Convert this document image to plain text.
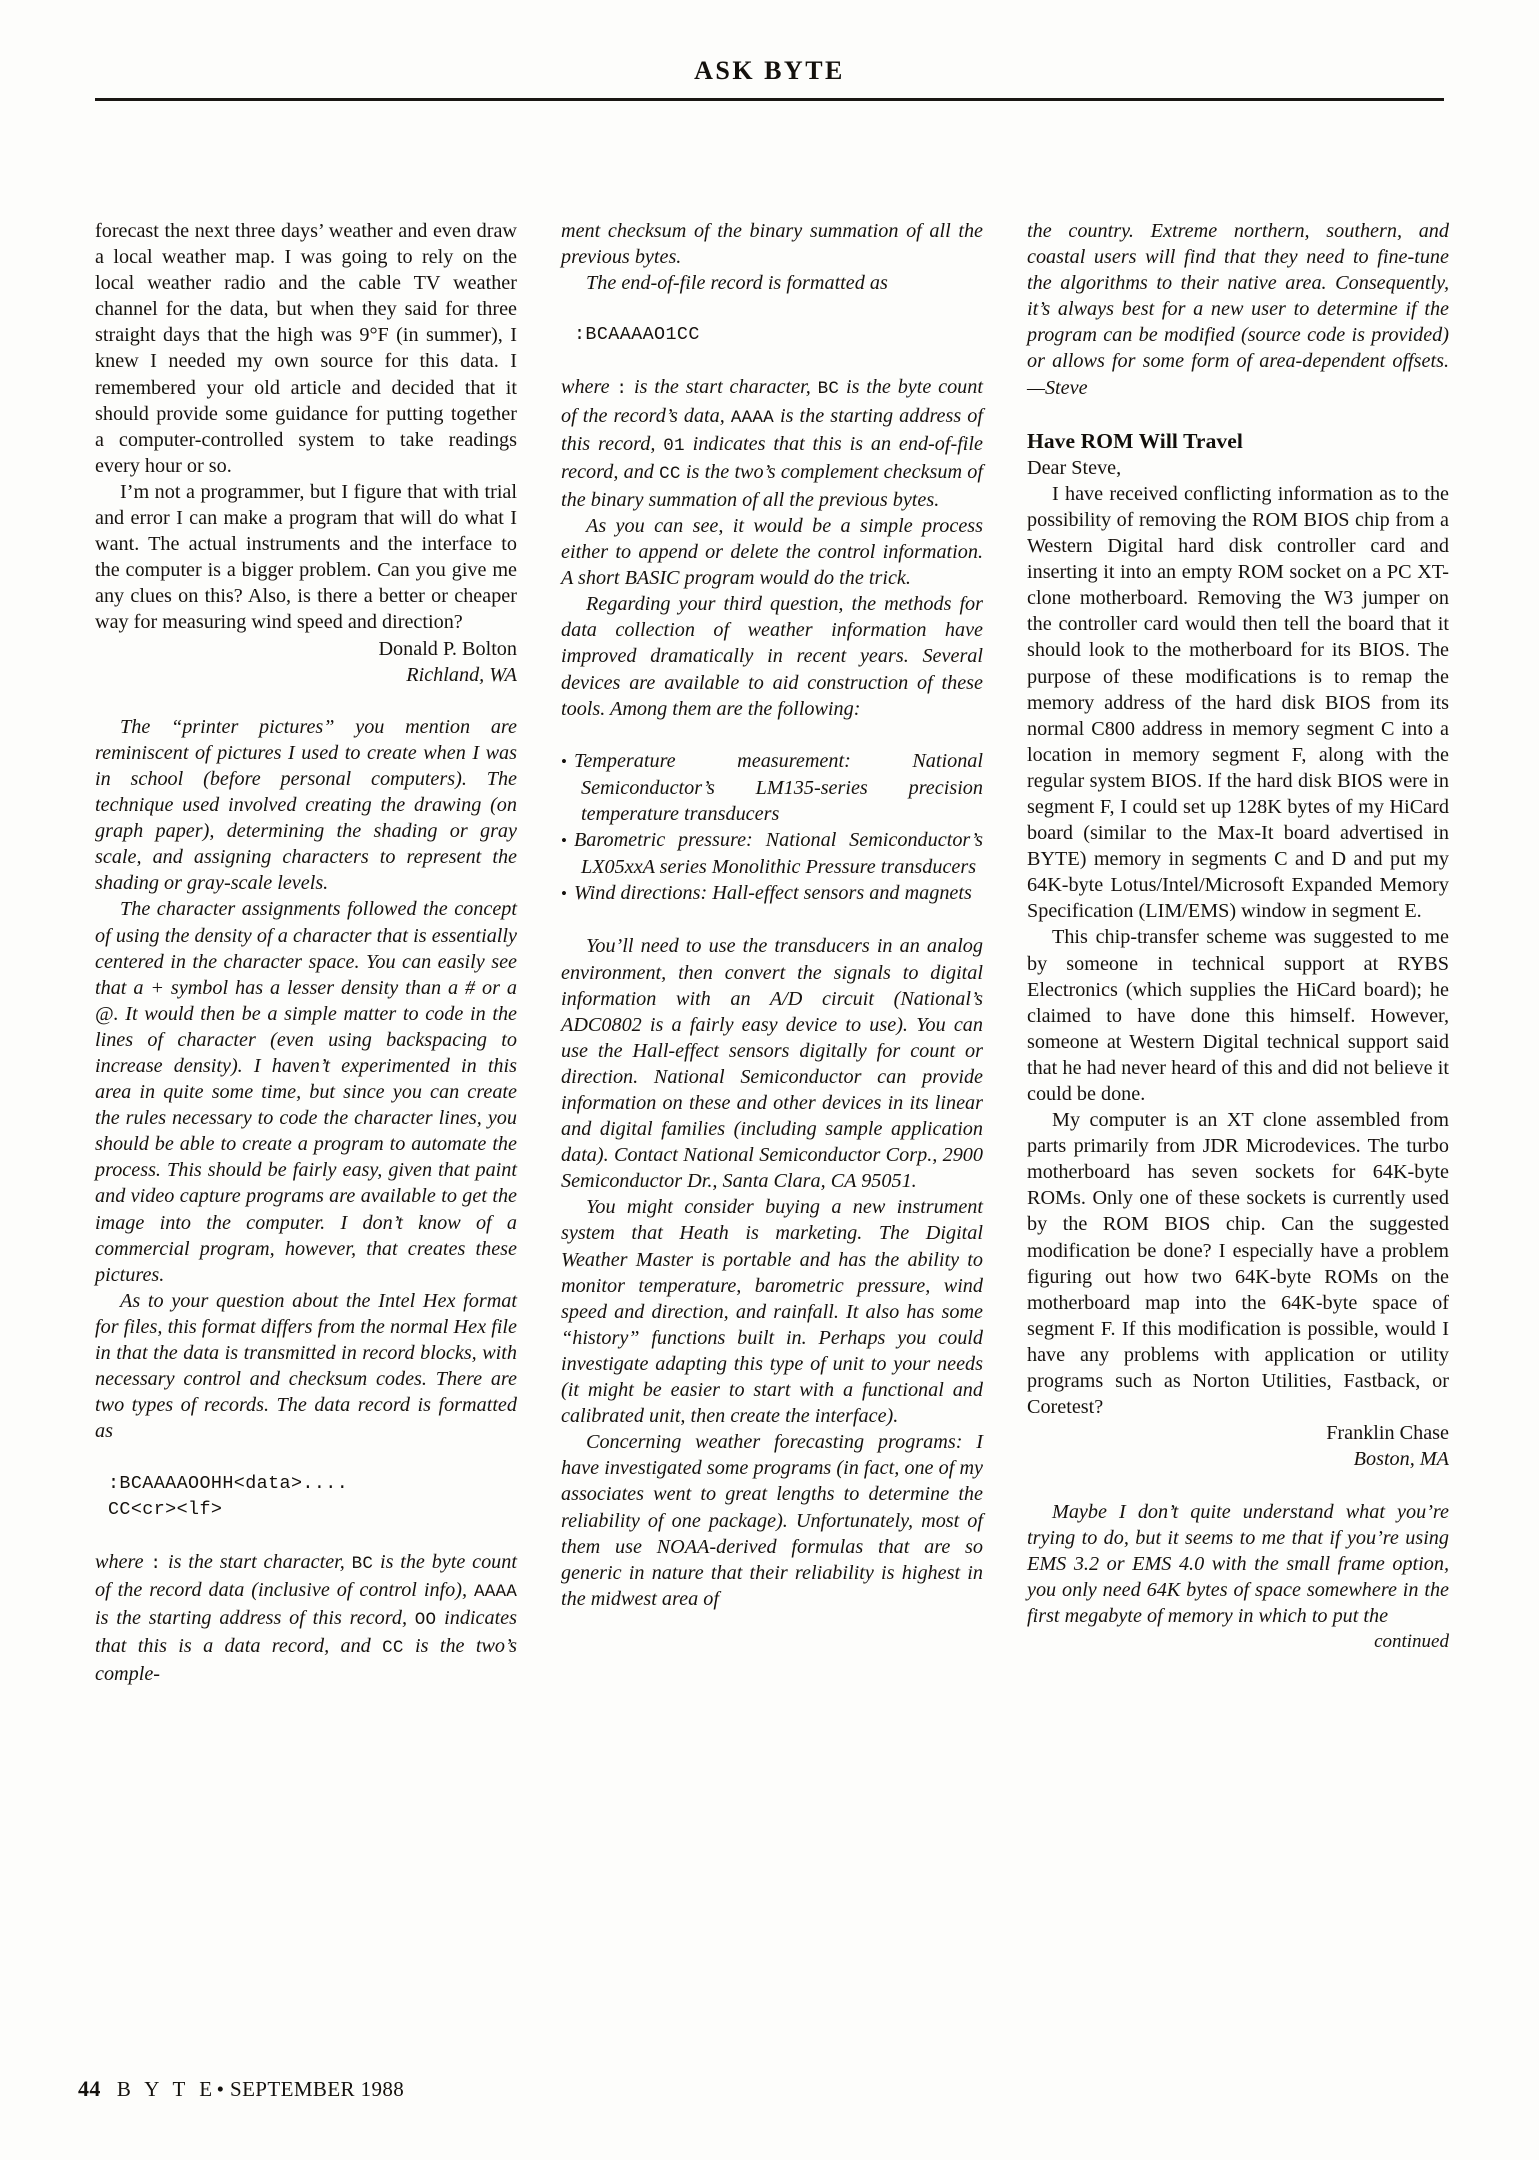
ASK BYTE

forecast the next three days’ weather and even draw a local weather map. I was going to rely on the local weather radio and the cable TV weather channel for the data, but when they said for three straight days that the high was 9°F (in summer), I knew I needed my own source for this data. I remembered your old article and decided that it should provide some guidance for putting together a computer-controlled system to take readings every hour or so.

I’m not a programmer, but I figure that with trial and error I can make a program that will do what I want. The actual instruments and the interface to the computer is a bigger problem. Can you give me any clues on this? Also, is there a better or cheaper way for measuring wind speed and direction?

Donald P. Bolton

Richland, WA

The “printer pictures” you mention are reminiscent of pictures I used to create when I was in school (before personal computers). The technique used involved creating the drawing (on graph paper), determining the shading or gray scale, and assigning characters to represent the shading or gray-scale levels.

The character assignments followed the concept of using the density of a character that is essentially centered in the character space. You can easily see that a + symbol has a lesser density than a # or a @. It would then be a simple matter to code in the lines of character (even using backspacing to increase density). I haven’t experimented in this area in quite some time, but since you can create the rules necessary to code the character lines, you should be able to create a program to automate the process. This should be fairly easy, given that paint and video capture programs are available to get the image into the computer. I don’t know of a commercial program, however, that creates these pictures.

As to your question about the Intel Hex format for files, this format differs from the normal Hex file in that the data is transmitted in record blocks, with necessary control and checksum codes. There are two types of records. The data record is formatted as

:BCAAAAOOHH<data>....
CC<cr><lf>

where : is the start character, BC is the byte count of the record data (inclusive of control info), AAAA is the starting address of this record, OO indicates that this is a data record, and CC is the two’s comple-

ment checksum of the binary summation of all the previous bytes.

The end-of-file record is formatted as

:BCAAAAO1CC

where : is the start character, BC is the byte count of the record’s data, AAAA is the starting address of this record, 01 indicates that this is an end-of-file record, and CC is the two’s complement checksum of the binary summation of all the previous bytes.

As you can see, it would be a simple process either to append or delete the control information. A short BASIC program would do the trick.

Regarding your third question, the methods for data collection of weather information have improved dramatically in recent years. Several devices are available to aid construction of these tools. Among them are the following:

• Temperature measurement: National Semiconductor’s LM135-series precision temperature transducers

• Barometric pressure: National Semiconductor’s LX05xxA series Monolithic Pressure transducers

• Wind directions: Hall-effect sensors and magnets

You’ll need to use the transducers in an analog environment, then convert the signals to digital information with an A/D circuit (National’s ADC0802 is a fairly easy device to use). You can use the Hall-effect sensors digitally for count or direction. National Semiconductor can provide information on these and other devices in its linear and digital families (including sample application data). Contact National Semiconductor Corp., 2900 Semiconductor Dr., Santa Clara, CA 95051.

You might consider buying a new instrument system that Heath is marketing. The Digital Weather Master is portable and has the ability to monitor temperature, barometric pressure, wind speed and direction, and rainfall. It also has some “history” functions built in. Perhaps you could investigate adapting this type of unit to your needs (it might be easier to start with a functional and calibrated unit, then create the interface).

Concerning weather forecasting programs: I have investigated some programs (in fact, one of my associates went to great lengths to determine the reliability of one package). Unfortunately, most of them use NOAA-derived formulas that are so generic in nature that their reliability is highest in the midwest area of

the country. Extreme northern, southern, and coastal users will find that they need to fine-tune the algorithms to their native area. Consequently, it’s always best for a new user to determine if the program can be modified (source code is provided) or allows for some form of area-dependent offsets.—Steve

Have ROM Will Travel

Dear Steve,

I have received conflicting information as to the possibility of removing the ROM BIOS chip from a Western Digital hard disk controller card and inserting it into an empty ROM socket on a PC XT-clone motherboard. Removing the W3 jumper on the controller card would then tell the board that it should look to the motherboard for its BIOS. The purpose of these modifications is to remap the memory address of the hard disk BIOS from its normal C800 address in memory segment C into a location in memory segment F, along with the regular system BIOS. If the hard disk BIOS were in segment F, I could set up 128K bytes of my HiCard board (similar to the Max-It board advertised in BYTE) memory in segments C and D and put my 64K-byte Lotus/Intel/Microsoft Expanded Memory Specification (LIM/EMS) window in segment E.

This chip-transfer scheme was suggested to me by someone in technical support at RYBS Electronics (which supplies the HiCard board); he claimed to have done this himself. However, someone at Western Digital technical support said that he had never heard of this and did not believe it could be done.

My computer is an XT clone assembled from parts primarily from JDR Microdevices. The turbo motherboard has seven sockets for 64K-byte ROMs. Only one of these sockets is currently used by the ROM BIOS chip. Can the suggested modification be done? I especially have a problem figuring out how two 64K-byte ROMs on the motherboard map into the 64K-byte space of segment F. If this modification is possible, would I have any problems with application or utility programs such as Norton Utilities, Fastback, or Coretest?

Franklin Chase

Boston, MA

Maybe I don’t quite understand what you’re trying to do, but it seems to me that if you’re using EMS 3.2 or EMS 4.0 with the small frame option, you only need 64K bytes of space somewhere in the first megabyte of memory in which to put the

continued

44 B Y T E• SEPTEMBER 1988
